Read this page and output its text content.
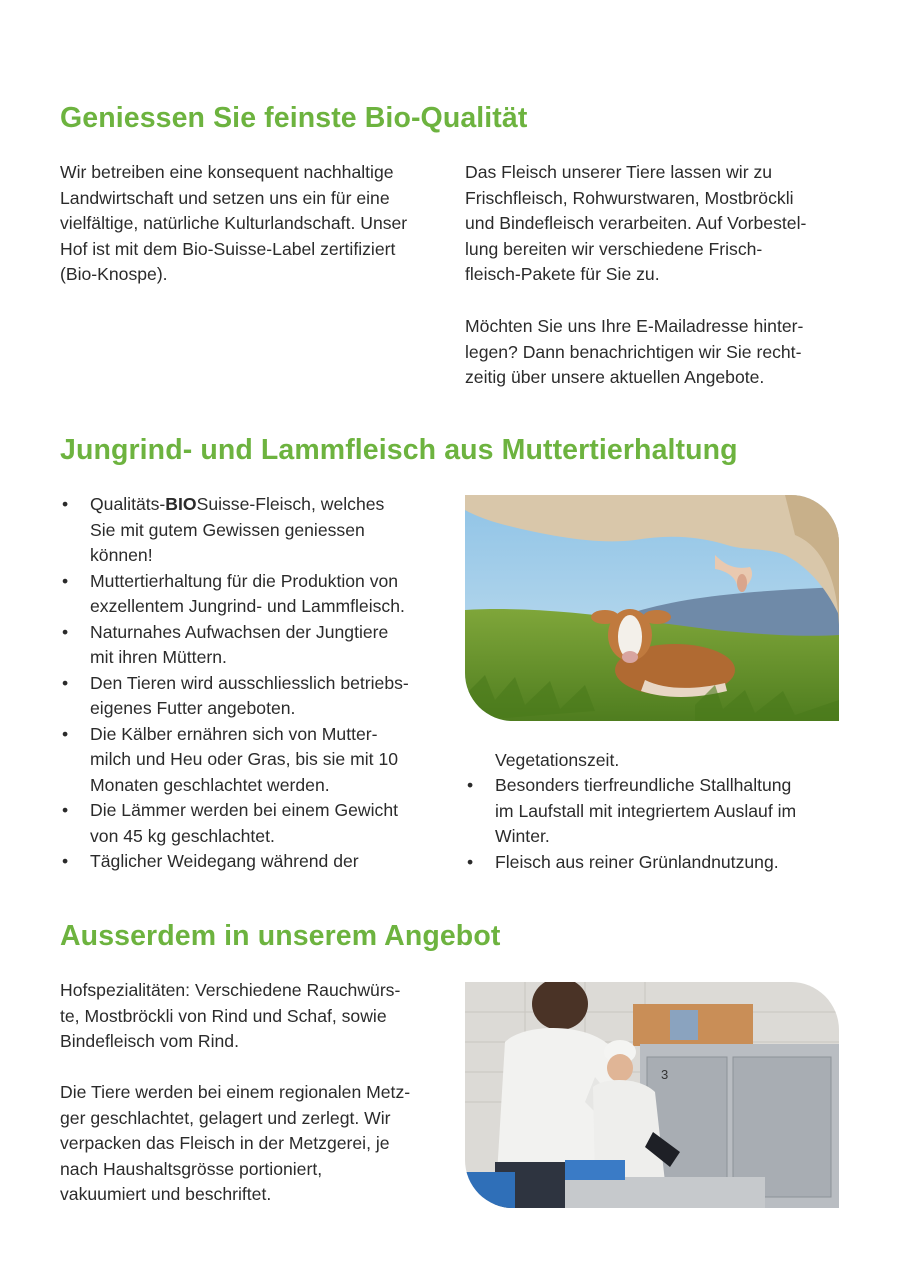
Geniessen Sie feinste Bio-Qualität
Wir betreiben eine konsequent nachhaltige
Landwirtschaft und setzen uns ein für eine
vielfältige, natürliche Kulturlandschaft. Unser
Hof ist mit dem Bio-Suisse-Label zertifiziert
(Bio-Knospe).
Das Fleisch unserer Tiere lassen wir zu
Frischfleisch, Rohwurstwaren, Mostbröckli
und Bindefleisch verarbeiten. Auf Vorbestel-
lung bereiten wir verschiedene Frisch-
fleisch-Pakete für Sie zu.
Möchten Sie uns Ihre E-Mailadresse hinter-
legen? Dann benachrichtigen wir Sie recht-
zeitig über unsere aktuellen Angebote.
Jungrind- und Lammfleisch aus Muttertierhaltung
• Qualitäts-BIOSuisse-Fleisch, welches
Sie mit gutem Gewissen geniessen
können!
• Muttertierhaltung für die Produktion von
exzellentem Jungrind- und Lammfleisch.
• Naturnahes Aufwachsen der Jungtiere
mit ihren Müttern.
• Den Tieren wird ausschliesslich betriebs-
eigenes Futter angeboten.
• Die Kälber ernähren sich von Mutter-
milch und Heu oder Gras, bis sie mit 10
Monaten geschlachtet werden.
• Die Lämmer werden bei einem Gewicht
von 45 kg geschlachtet.
• Täglicher Weidegang während der
Vegetationszeit.
• Besonders tierfreundliche Stallhaltung
im Laufstall mit integriertem Auslauf im
Winter.
• Fleisch aus reiner Grünlandnutzung.
Ausserdem in unserem Angebot
Hofspezialitäten: Verschiedene Rauchwürs-
te, Mostbröckli von Rind und Schaf, sowie
Bindefleisch vom Rind.
Die Tiere werden bei einem regionalen Metz-
ger geschlachtet, gelagert und zerlegt. Wir
verpacken das Fleisch in der Metzgerei, je
nach Haushaltsgrösse portioniert,
vakuumiert und beschriftet.
3
